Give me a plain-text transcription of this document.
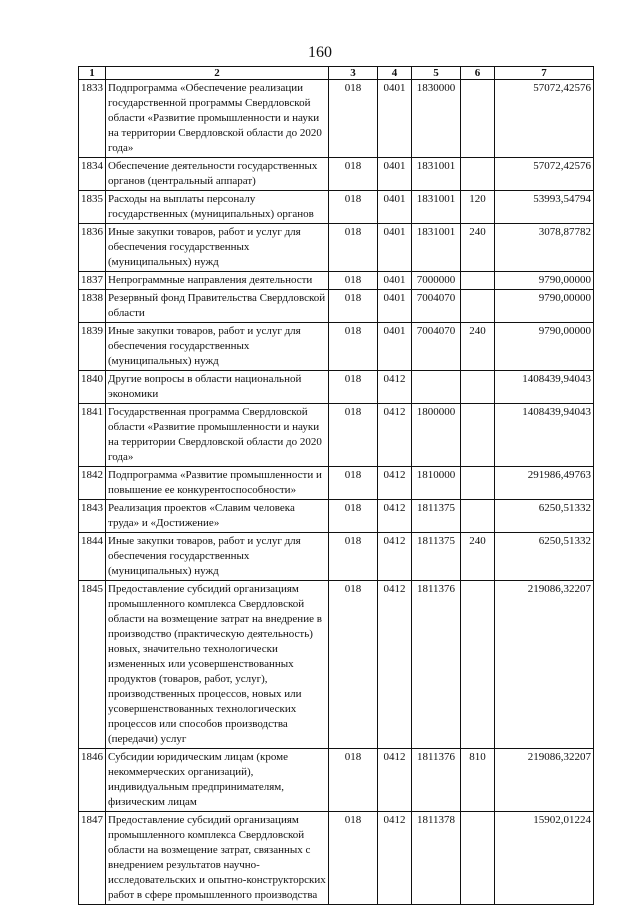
160
1	2	3	4	5	6	7
1833	Подпрограмма «Обеспечение реализации государственной программы Свердловской области «Развитие промышленности и науки на территории Свердловской области до 2020 года»	018	0401	1830000		57072,42576
1834	Обеспечение деятельности государственных органов (центральный аппарат)	018	0401	1831001		57072,42576
1835	Расходы на выплаты персоналу государственных (муниципальных) органов	018	0401	1831001	120	53993,54794
1836	Иные закупки товаров, работ и услуг для обеспечения государственных (муниципальных) нужд	018	0401	1831001	240	3078,87782
1837	Непрограммные направления деятельности	018	0401	7000000		9790,00000
1838	Резервный фонд Правительства Свердловской области	018	0401	7004070		9790,00000
1839	Иные закупки товаров, работ и услуг для обеспечения государственных (муниципальных) нужд	018	0401	7004070	240	9790,00000
1840	Другие вопросы в области национальной экономики	018	0412			1408439,94043
1841	Государственная программа Свердловской области «Развитие промышленности и науки на территории Свердловской области до 2020 года»	018	0412	1800000		1408439,94043
1842	Подпрограмма «Развитие промышленности и повышение ее конкурентоспособности»	018	0412	1810000		291986,49763
1843	Реализация проектов «Славим человека труда» и «Достижение»	018	0412	1811375		6250,51332
1844	Иные закупки товаров, работ и услуг для обеспечения государственных (муниципальных) нужд	018	0412	1811375	240	6250,51332
1845	Предоставление субсидий организациям промышленного комплекса Свердловской области на возмещение затрат на внедрение в производство (практическую деятельность) новых, значительно технологически измененных или усовершенствованных продуктов (товаров, работ, услуг), производственных процессов, новых или усовершенствованных технологических процессов или способов производства (передачи) услуг	018	0412	1811376		219086,32207
1846	Субсидии юридическим лицам (кроме некоммерческих организаций), индивидуальным предпринимателям, физическим лицам	018	0412	1811376	810	219086,32207
1847	Предоставление субсидий организациям промышленного комплекса Свердловской области на возмещение затрат, связанных с внедрением результатов научно-исследовательских и опытно-конструкторских работ в сфере промышленного производства	018	0412	1811378		15902,01224
